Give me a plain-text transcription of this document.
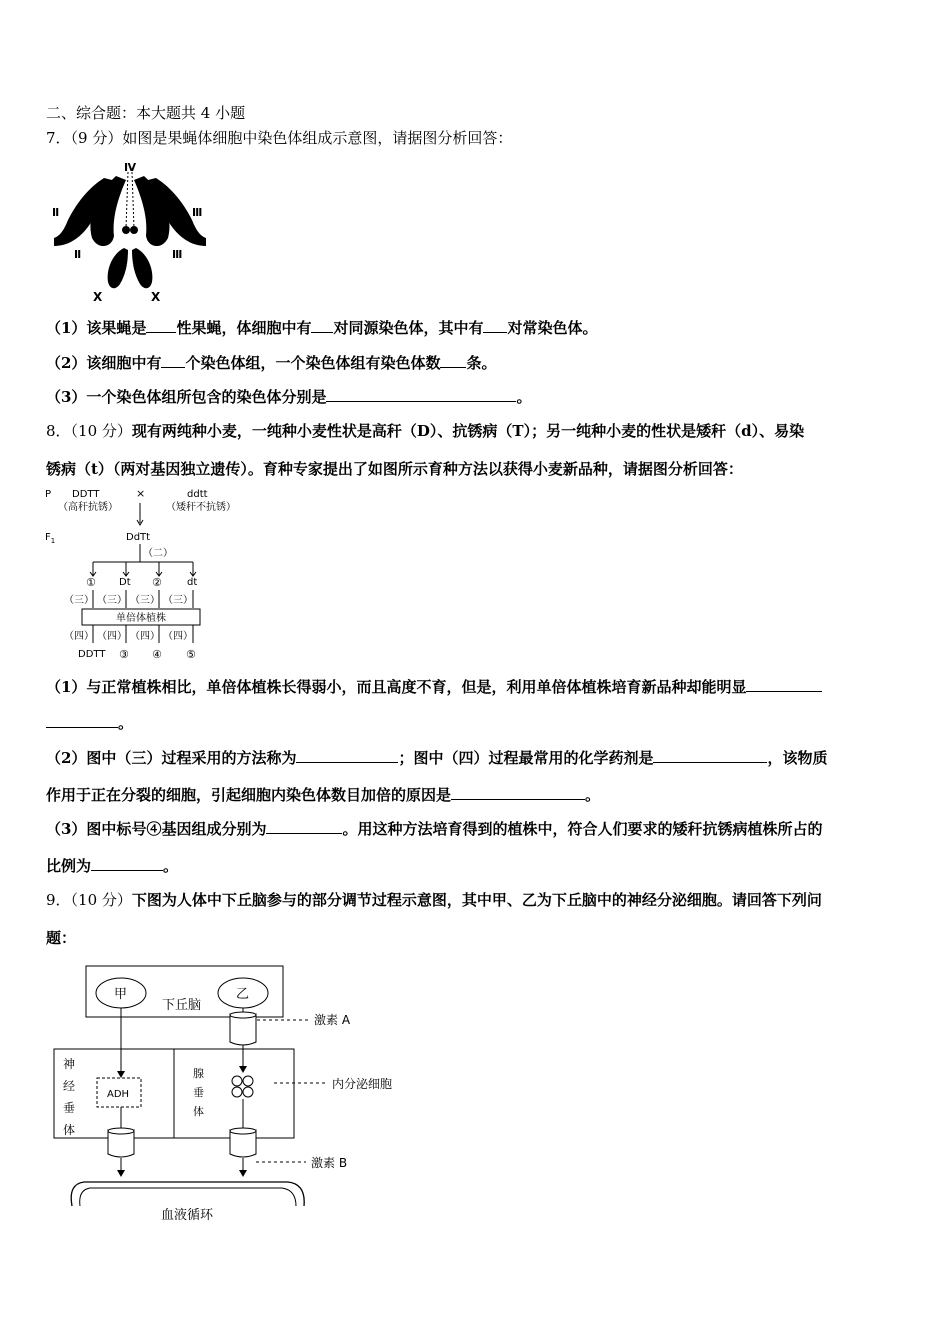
二、综合题：本大题共 4 小题
7．（9 分）如图是果蝇体细胞中染色体组成示意图，请据图分析回答：
Ⅳ
Ⅱ
Ⅱ
Ⅲ
Ⅲ
X	X
（1）该果蝇是 性果蝇，体细胞中有 对同源染色体，其中有 对常染色体。
（2）该细胞中有 个染色体组，一个染色体组有染色体数 条。
（3）一个染色体组所包含的染色体分别是	。
8．（10 分）现有两纯种小麦，一纯种小麦性状是高秆（D）、抗锈病（T）；另一纯种小麦的性状是矮秆（d）、易染
锈病（t）（两对基因独立遗传）。育种专家提出了如图所示育种方法以获得小麦新品种，请据图分析回答：
P DDTT	×	ddtt
（高秆抗锈）	（矮秆不抗锈）
$F_1$	DdTt
（二）
① Dt ②	dt
（三） （三） （三） （三）
单倍体植株
（四） （四） （四） （四）
DDTT ③ ④ ⑤
（1）与正常植株相比，单倍体植株长得弱小，而且高度不育，但是，利用单倍体植株培育新品种却能明显
。
（2）图中（三）过程采用的方法称为	；图中（四）过程最常用的化学药剂是	，该物质
作用于正在分裂的细胞，引起细胞内染色体数目加倍的原因是	。
（3）图中标号④基因组成分别为	。用这种方法培育得到的植株中，符合人们要求的矮秆抗锈病植株所占的
比例为	。
9．（10 分）下图为人体中下丘脑参与的部分调节过程示意图，其中甲、乙为下丘脑中的神经分泌细胞。请回答下列问
题：
甲	乙
下丘脑
激素 A
神
经
垂
体
ADH
腺
垂
体
内分泌细胞
激素 B
血液循环
